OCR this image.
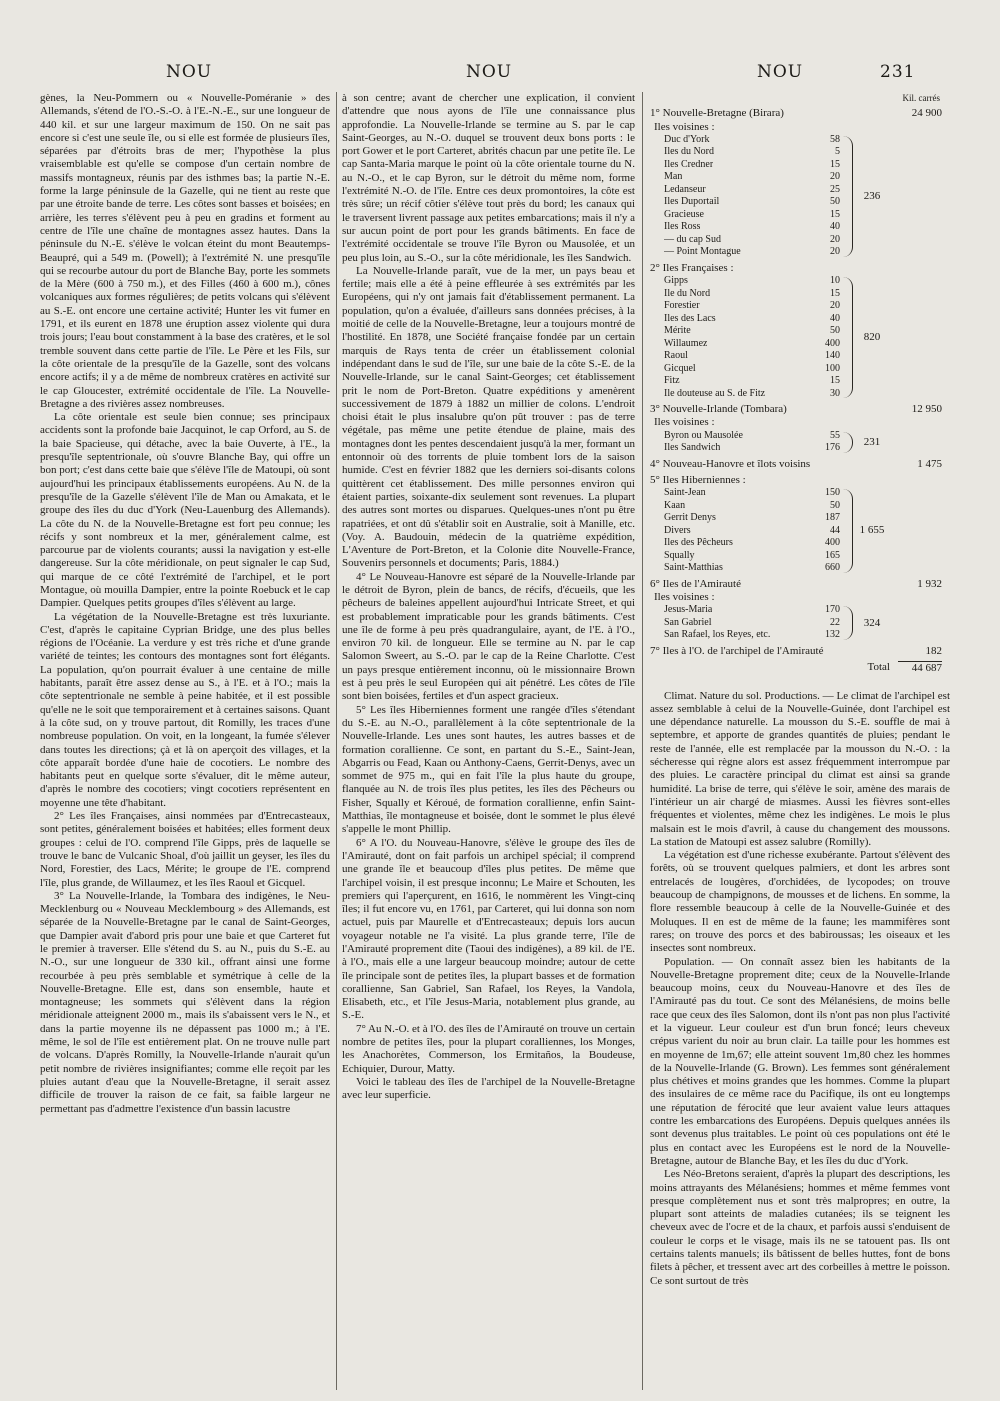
NOU	NOU	NOU	231

gènes, la Neu-Pommern ou « Nouvelle-Poméranie » des Allemands, s'étend de l'O.-S.-O. à l'E.-N.-E., sur une longueur de 440 kil. et sur une largeur maximum de 150. On ne sait pas encore si c'est une seule île, ou si elle est formée de plusieurs îles, séparées par d'étroits bras de mer; l'hypothèse la plus vraisemblable est qu'elle se compose d'un certain nombre de massifs montagneux, réunis par des isthmes bas; la partie N.-E. forme la large péninsule de la Gazelle, qui ne tient au reste que par une étroite bande de terre. Les côtes sont basses et boisées; en arrière, les terres s'élèvent peu à peu en gradins et forment au centre de l'île une chaîne de montagnes assez hautes. Dans la péninsule du N.-E. s'élève le volcan éteint du mont Beautemps-Beaupré, qui a 549 m. (Powell); à l'extrémité N. une presqu'île qui se recourbe autour du port de Blanche Bay, porte les sommets de la Mère (600 à 750 m.), et des Filles (460 à 600 m.), cônes volcaniques aux formes régulières; de petits volcans qui s'élèvent au S.-E. ont encore une certaine activité; Hunter les vit fumer en 1791, et ils eurent en 1878 une éruption assez violente qui dura trois jours; l'eau bout constamment à la base des cratères, et le sol tremble souvent dans cette partie de l'île. Le Père et les Fils, sur la côte orientale de la presqu'île de la Gazelle, sont des volcans encore actifs; il y a de même de nombreux cratères en activité sur le cap Gloucester, extrémité occidentale de l'île. La Nouvelle-Bretagne a des rivières assez nombreuses.

La côte orientale est seule bien connue; ses principaux accidents sont la profonde baie Jacquinot, le cap Orford, au S. de la baie Spacieuse, qui détache, avec la baie Ouverte, à l'E., la presqu'île septentrionale, où s'ouvre Blanche Bay, qui offre un bon port; c'est dans cette baie que s'élève l'île de Matoupi, où sont aujourd'hui les principaux établissements européens. Au N. de la presqu'île de la Gazelle s'élèvent l'île de Man ou Amakata, et le groupe des îles du duc d'York (Neu-Lauenburg des Allemands). La côte du N. de la Nouvelle-Bretagne est fort peu connue; les récifs y sont nombreux et la mer, généralement calme, est parcourue par de violents courants; aussi la navigation y est-elle dangereuse. Sur la côte méridionale, on peut signaler le cap Sud, qui marque de ce côté l'extrémité de l'archipel, et le port Montague, où mouilla Dampier, entre la pointe Roebuck et le cap Dampier. Quelques petits groupes d'îles s'élèvent au large.

La végétation de la Nouvelle-Bretagne est très luxuriante. C'est, d'après le capitaine Cyprian Bridge, une des plus belles régions de l'Océanie. La verdure y est très riche et d'une grande variété de teintes; les contours des montagnes sont fort élégants. La population, qu'on pourrait évaluer à une centaine de mille habitants, paraît être assez dense au S., à l'E. et à l'O.; mais la côte septentrionale ne semble à peine habitée, et il est possible qu'elle ne le soit que temporairement et à certaines saisons. Quant à la côte sud, on y trouve partout, dit Romilly, les traces d'une nombreuse population. On voit, en la longeant, la fumée s'élever dans toutes les directions; çà et là on aperçoit des villages, et la côte apparaît bordée d'une haie de cocotiers. Le nombre des habitants peut en quelque sorte s'évaluer, dit le même auteur, d'après le nombre des cocotiers; vingt cocotiers représentent en moyenne une tête d'habitant.

2° Les îles Françaises, ainsi nommées par d'Entrecasteaux, sont petites, généralement boisées et habitées; elles forment deux groupes : celui de l'O. comprend l'île Gipps, près de laquelle se trouve le banc de Vulcanic Shoal, d'où jaillit un geyser, les îles du Nord, Forestier, des Lacs, Mérite; le groupe de l'E. comprend l'île, plus grande, de Willaumez, et les îles Raoul et Gicquel.

3° La Nouvelle-Irlande, la Tombara des indigènes, le Neu-Mecklenburg ou « Nouveau Mecklembourg » des Allemands, est séparée de la Nouvelle-Bretagne par le canal de Saint-Georges, que Dampier avait d'abord pris pour une baie et que Carteret fut le premier à traverser. Elle s'étend du S. au N., puis du S.-E. au N.-O., sur une longueur de 330 kil., offrant ainsi une forme recourbée à peu près semblable et symétrique à celle de la Nouvelle-Bretagne. Elle est, dans son ensemble, haute et montagneuse; les sommets qui s'élèvent dans la région méridionale atteignent 2000 m., mais ils s'abaissent vers le N., et dans la partie moyenne ils ne dépassent pas 1000 m.; à l'E. même, le sol de l'île est entièrement plat. On ne trouve nulle part de volcans. D'après Romilly, la Nouvelle-Irlande n'aurait qu'un petit nombre de rivières insignifiantes; comme elle reçoit par les pluies autant d'eau que la Nouvelle-Bretagne, il serait assez difficile de trouver la raison de ce fait, sa faible largeur ne permettant pas d'admettre l'existence d'un bassin lacustre

à son centre; avant de chercher une explication, il convient d'attendre que nous ayons de l'île une connaissance plus approfondie. La Nouvelle-Irlande se termine au S. par le cap Saint-Georges, au N.-O. duquel se trouvent deux bons ports : le port Gower et le port Carteret, abrités chacun par une petite île. Le cap Santa-Maria marque le point où la côte orientale tourne du N. au N.-O., et le cap Byron, sur le détroit du même nom, forme l'extrémité N.-O. de l'île. Entre ces deux promontoires, la côte est très sûre; un récif côtier s'élève tout près du bord; les canaux qui le traversent livrent passage aux petites embarcations; mais il n'y a sur aucun point de port pour les grands bâtiments. En face de l'extrémité occidentale se trouve l'île Byron ou Mausolée, et un peu plus loin, au S.-O., sur la côte méridionale, les îles Sandwich.

La Nouvelle-Irlande paraît, vue de la mer, un pays beau et fertile; mais elle a été à peine effleurée à ses extrémités par les Européens, qui n'y ont jamais fait d'établissement permanent. La population, qu'on a évaluée, d'ailleurs sans données précises, à la moitié de celle de la Nouvelle-Bretagne, leur a toujours montré de l'hostilité. En 1878, une Société française fondée par un certain marquis de Rays tenta de créer un établissement colonial indépendant dans le sud de l'île, sur une baie de la côte S.-E. de la Nouvelle-Irlande, sur le canal Saint-Georges; cet établissement prit le nom de Port-Breton. Quatre expéditions y amenèrent successivement de 1879 à 1882 un millier de colons. L'endroit choisi était le plus insalubre qu'on pût trouver : pas de terre végétale, pas même une petite étendue de plaine, mais des montagnes dont les pentes descendaient jusqu'à la mer, formant un entonnoir où des torrents de pluie tombent lors de la saison humide. C'est en février 1882 que les derniers soi-disants colons quittèrent cet établissement. Des mille personnes environ qui étaient parties, soixante-dix seulement sont revenues. La plupart des autres sont mortes ou disparues. Quelques-unes n'ont pu être rapatriées, et ont dû s'établir soit en Australie, soit à Manille, etc. (Voy. A. Baudouin, médecin de la quatrième expédition, L'Aventure de Port-Breton, et la Colonie dite Nouvelle-France, Souvenirs personnels et documents; Paris, 1884.)

4° Le Nouveau-Hanovre est séparé de la Nouvelle-Irlande par le détroit de Byron, plein de bancs, de récifs, d'écueils, que les pêcheurs de baleines appellent aujourd'hui Intricate Street, et qui est probablement impraticable pour les grands bâtiments. C'est une île de forme à peu près quadrangulaire, ayant, de l'E. à l'O., environ 70 kil. de longueur. Elle se termine au N. par le cap Salomon Sweert, au S.-O. par le cap de la Reine Charlotte. C'est un pays presque entièrement inconnu, où le missionnaire Brown est à peu près le seul Européen qui ait pénétré. Les côtes de l'île sont bien boisées, fertiles et d'un aspect gracieux.

5° Les îles Hiberniennes forment une rangée d'îles s'étendant du S.-E. au N.-O., parallèlement à la côte septentrionale de la Nouvelle-Irlande. Les unes sont hautes, les autres basses et de formation corallienne. Ce sont, en partant du S.-E., Saint-Jean, Abgarris ou Fead, Kaan ou Anthony-Caens, Gerrit-Denys, avec un sommet de 975 m., qui en fait l'île la plus haute du groupe, flanquée au N. de trois îles plus petites, les îles des Pêcheurs ou Fisher, Squally et Kéroué, de formation corallienne, enfin Saint-Matthias, île montagneuse et boisée, dont le sommet le plus élevé s'appelle le mont Phillip.

6° A l'O. du Nouveau-Hanovre, s'élève le groupe des îles de l'Amirauté, dont on fait parfois un archipel spécial; il comprend une grande île et beaucoup d'îles plus petites. De même que l'archipel voisin, il est presque inconnu; Le Maire et Schouten, les premiers qui l'aperçurent, en 1616, le nommèrent les Vingt-cinq îles; il fut encore vu, en 1761, par Carteret, qui lui donna son nom actuel, puis par Maurelle et d'Entrecasteaux; depuis lors aucun voyageur notable ne l'a visité. La plus grande terre, l'île de l'Amirauté proprement dite (Taoui des indigènes), a 89 kil. de l'E. à l'O., mais elle a une largeur beaucoup moindre; autour de cette île principale sont de petites îles, la plupart basses et de formation corallienne, San Gabriel, San Rafael, los Reyes, la Vandola, Elisabeth, etc., et l'île Jesus-Maria, notablement plus grande, au S.-E.

7° Au N.-O. et à l'O. des îles de l'Amirauté on trouve un certain nombre de petites îles, pour la plupart coralliennes, los Monges, les Anachorètes, Commerson, los Ermitaños, la Boudeuse, Echiquier, Durour, Matty.

Voici le tableau des îles de l'archipel de la Nouvelle-Bretagne avec leur superficie.

Kil. carrés
1° Nouvelle-Bretagne (Birara)	24 900
Iles voisines :
Duc d'York	58
Iles du Nord	5
Iles Credner	15
Man	20
Ledanseur	25
Iles Duportail	50
Gracieuse	15
Iles Ross	40
— du cap Sud	20
— Point Montague	20
236
2° Iles Françaises :
Gipps	10
Ile du Nord	15
Forestier	20
Iles des Lacs	40
Mérite	50
Willaumez	400
Raoul	140
Gicquel	100
Fitz	15
Ile douteuse au S. de Fitz	30
820
3° Nouvelle-Irlande (Tombara)	12 950
Iles voisines :
Byron ou Mausolée	55
Iles Sandwich	176
231
4° Nouveau-Hanovre et îlots voisins	1 475
5° Iles Hiberniennes :
Saint-Jean	150
Kaan	50
Gerrit Denys	187
Divers	44
Iles des Pêcheurs	400
Squally	165
Saint-Matthias	660
1 655
6° Iles de l'Amirauté	1 932
Iles voisines :
Jesus-Maria	170
San Gabriel	22
San Rafael, los Reyes, etc.	132
324
7° Iles à l'O. de l'archipel de l'Amirauté	182
Total	44 687

Climat. Nature du sol. Productions. — Le climat de l'archipel est assez semblable à celui de la Nouvelle-Guinée, dont l'archipel est une dépendance naturelle. La mousson du S.-E. souffle de mai à septembre, et apporte de grandes quantités de pluies; pendant le reste de l'année, elle est remplacée par la mousson du N.-O. : la sécheresse qui règne alors est assez fréquemment interrompue par des pluies. Le caractère principal du climat est ainsi sa grande humidité. La brise de terre, qui s'élève le soir, amène des marais de l'intérieur un air chargé de miasmes. Aussi les fièvres sont-elles fréquentes et violentes, même chez les indigènes. Le mois le plus malsain est le mois d'avril, à cause du changement des moussons. La station de Matoupi est assez salubre (Romilly).

La végétation est d'une richesse exubérante. Partout s'élèvent des forêts, où se trouvent quelques palmiers, et dont les arbres sont entrelacés de lougères, d'orchidées, de lycopodes; on trouve beaucoup de champignons, de mousses et de lichens. En somme, la flore ressemble beaucoup à celle de la Nouvelle-Guinée et des Moluques. Il en est de même de la faune; les mammifères sont rares; on trouve des porcs et des babiroussas; les oiseaux et les insectes sont nombreux.

Population. — On connaît assez bien les habitants de la Nouvelle-Bretagne proprement dite; ceux de la Nouvelle-Irlande beaucoup moins, ceux du Nouveau-Hanovre et des îles de l'Amirauté pas du tout. Ce sont des Mélanésiens, de moins belle race que ceux des îles Salomon, dont ils n'ont pas non plus l'activité et la vigueur. Leur couleur est d'un brun foncé; leurs cheveux crépus varient du noir au brun clair. La taille pour les hommes est en moyenne de 1m,67; elle atteint souvent 1m,80 chez les hommes de la Nouvelle-Irlande (G. Brown). Les femmes sont généralement plus chétives et moins grandes que les hommes. Comme la plupart des insulaires de ce même race du Pacifique, ils ont eu longtemps une réputation de férocité que leur avaient value leurs attaques contre les embarcations des Européens. Depuis quelques années ils sont devenus plus traitables. Le point où ces populations ont été le plus en contact avec les Européens est le nord de la Nouvelle-Bretagne, autour de Blanche Bay, et les îles du duc d'York.

Les Néo-Bretons seraient, d'après la plupart des descriptions, les moins attrayants des Mélanésiens; hommes et même femmes vont presque complètement nus et sont très malpropres; en outre, la plupart sont atteints de maladies cutanées; ils se teignent les cheveux avec de l'ocre et de la chaux, et parfois aussi s'enduisent de couleur le corps et le visage, mais ils ne se tatouent pas. Ils ont certains talents manuels; ils bâtissent de belles huttes, font de bons filets à pêcher, et tressent avec art des corbeilles à mettre le poisson. Ce sont surtout de très
